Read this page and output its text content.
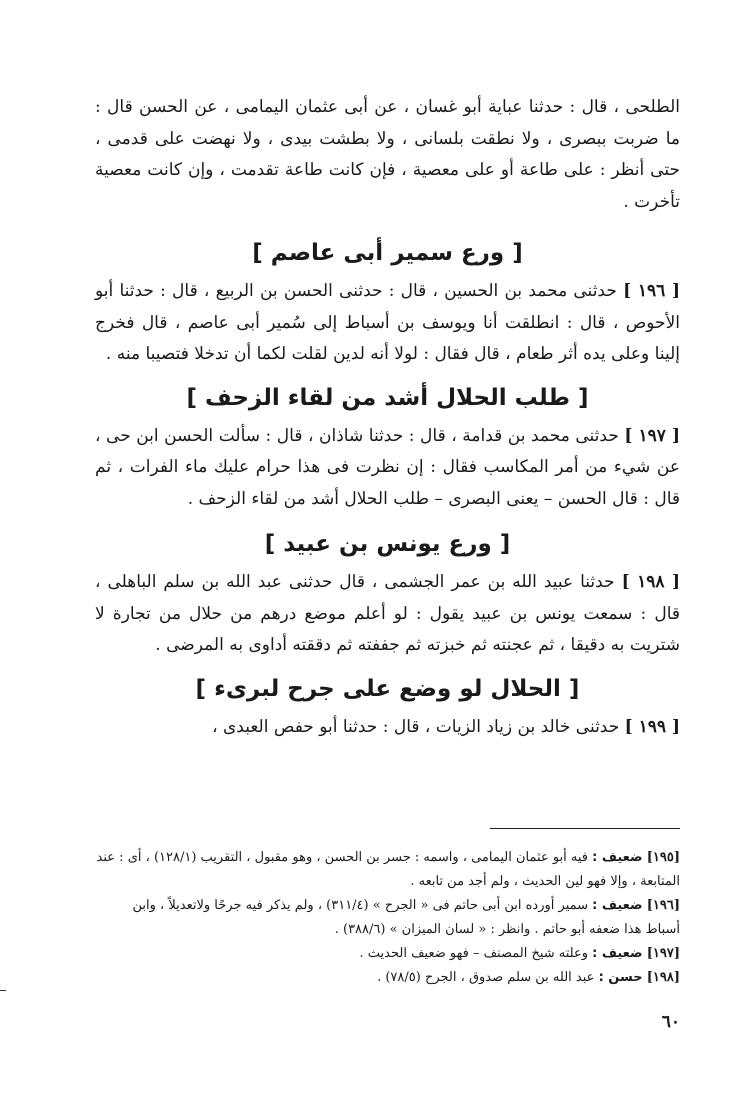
الطلحى ، قال : حدثنا عباية أبو غسان ، عن أبى عثمان اليمامى ، عن الحسن قال : ما ضربت ببصرى ، ولا نطقت بلسانى ، ولا بطشت بيدى ، ولا نهضت على قدمى ، حتى أنظر : على طاعة أو على معصية ، فإن كانت طاعة تقدمت ، وإن كانت معصية تأخرت .

[ ورع سمير أبى عاصم ]

[ ١٩٦ ] حدثنى محمد بن الحسين ، قال : حدثنى الحسن بن الربيع ، قال : حدثنا أبو الأحوص ، قال : انطلقت أنا ويوسف بن أسباط إلى سُمير أبى عاصم ، قال فخرج إلينا وعلى يده أثر طعام ، قال فقال : لولا أنه لدين لقلت لكما أن تدخلا فتصيبا منه .

[ طلب الحلال أشد من لقاء الزحف ]

[ ١٩٧ ] حدثنى محمد بن قدامة ، قال : حدثنا شاذان ، قال : سألت الحسن ابن حى ، عن شيء من أمر المكاسب فقال : إن نظرت فى هذا حرام عليك ماء الفرات ، ثم قال : قال الحسن – يعنى البصرى – طلب الحلال أشد من لقاء الزحف .

[ ورع يونس بن عبيد ]

[ ١٩٨ ] حدثنا عبيد الله بن عمر الجشمى ، قال حدثنى عبد الله بن سلم الباهلى ، قال : سمعت يونس بن عبيد يقول : لو أعلم موضع درهم من حلال من تجارة لا شتريت به دقيقا ، ثم عجنته ثم خبزته ثم جففته ثم دققته أداوى به المرضى .

[ الحلال لو وضع على جرح لبرىء ]

[ ١٩٩ ] حدثنى خالد بن زياد الزيات ، قال : حدثنا أبو حفص العبدى ،

[١٩٥] ضعيف : فيه أبو عثمان اليمامى ، واسمه : جسر بن الحسن ، وهو مقبول ، التقريب (١٢٨/١) ، أى : عند المتابعة ، وإلا فهو لين الحديث ، ولم أجد من تابعه .

[١٩٦] ضعيف : سمير أورده ابن أبى حاتم فى « الجرح » (٣١١/٤) ، ولم يذكر فيه جرحًا ولاتعديلاً ، وابن أسباط هذا ضعفه أبو حاتم . وانظر : « لسان الميزان » (٣٨٨/٦) .

[١٩٧] ضعيف : وعلته شيخ المصنف – فهو ضعيف الحديث .

[١٩٨] حسن : عبد الله بن سلم صدوق ، الجرح (٧٨/٥) .

٦٠
